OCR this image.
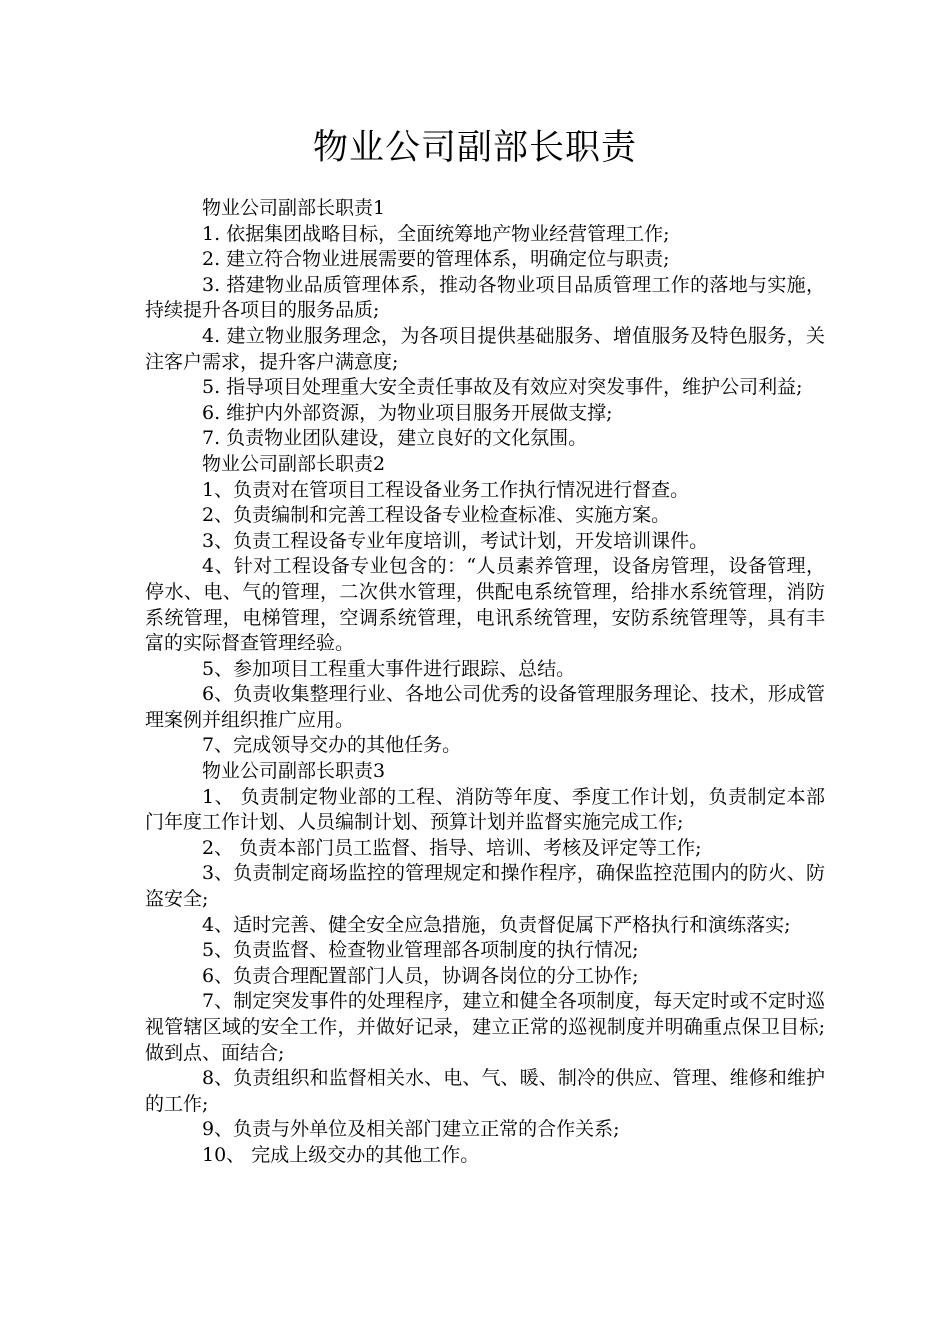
物业公司副部长职责

物业公司副部长职责1

1. 依据集团战略目标，全面统筹地产物业经营管理工作;

2. 建立符合物业进展需要的管理体系，明确定位与职责;

3. 搭建物业品质管理体系，推动各物业项目品质管理工作的落地与实施，持续提升各项目的服务品质;

4. 建立物业服务理念，为各项目提供基础服务、增值服务及特色服务，关注客户需求，提升客户满意度;

5. 指导项目处理重大安全责任事故及有效应对突发事件，维护公司利益;

6. 维护内外部资源，为物业项目服务开展做支撑;

7. 负责物业团队建设，建立良好的文化氛围。

物业公司副部长职责2

1、负责对在管项目工程设备业务工作执行情况进行督查。

2、负责编制和完善工程设备专业检查标准、实施方案。

3、负责工程设备专业年度培训，考试计划，开发培训课件。

4、针对工程设备专业包含的：“人员素养管理，设备房管理，设备管理，停水、电、气的管理，二次供水管理，供配电系统管理，给排水系统管理，消防系统管理，电梯管理，空调系统管理，电讯系统管理，安防系统管理等，具有丰富的实际督查管理经验。

5、参加项目工程重大事件进行跟踪、总结。

6、负责收集整理行业、各地公司优秀的设备管理服务理论、技术，形成管理案例并组织推广应用。

7、完成领导交办的其他任务。

物业公司副部长职责3

1、 负责制定物业部的工程、消防等年度、季度工作计划，负责制定本部门年度工作计划、人员编制计划、预算计划并监督实施完成工作;

2、 负责本部门员工监督、指导、培训、考核及评定等工作;

3、负责制定商场监控的管理规定和操作程序，确保监控范围内的防火、防盗安全;

4、适时完善、健全安全应急措施，负责督促属下严格执行和演练落实;

5、负责监督、检查物业管理部各项制度的执行情况;

6、负责合理配置部门人员，协调各岗位的分工协作;

7、制定突发事件的处理程序，建立和健全各项制度，每天定时或不定时巡视管辖区域的安全工作，并做好记录，建立正常的巡视制度并明确重点保卫目标;做到点、面结合;

8、负责组织和监督相关水、电、气、暖、制冷的供应、管理、维修和维护的工作;

9、负责与外单位及相关部门建立正常的合作关系;

10、 完成上级交办的其他工作。
